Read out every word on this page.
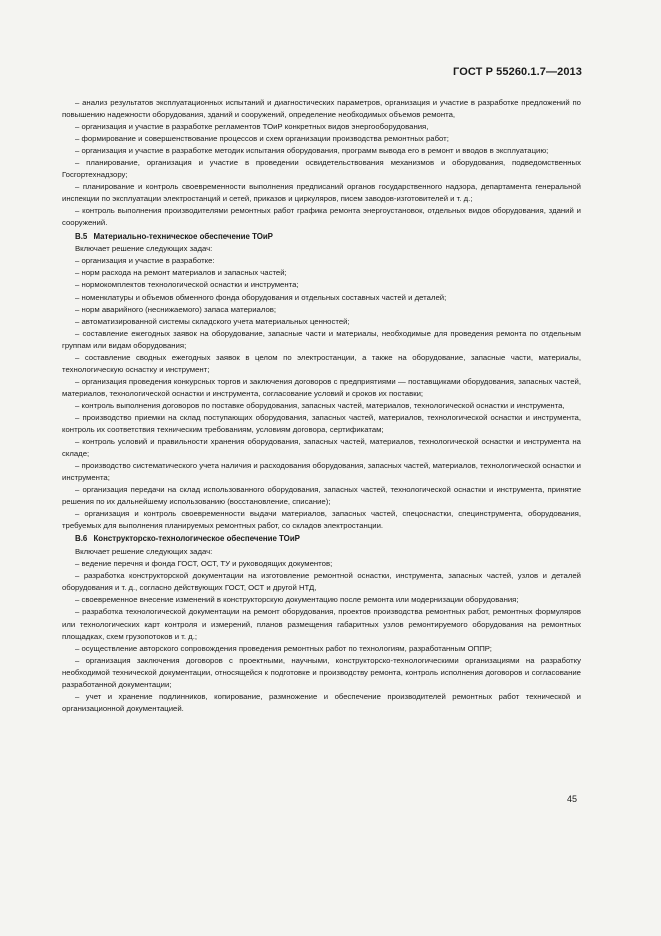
ГОСТ Р 55260.1.7—2013

– анализ результатов эксплуатационных испытаний и диагностических параметров, организация и участие в разработке предложений по повышению надежности оборудования, зданий и сооружений, определение необходимых объемов ремонта,

– организация и участие в разработке регламентов ТОиР конкретных видов энергооборудования,

– формирование и совершенствование процессов и схем организации производства ремонтных работ;

– организация и участие в разработке методик испытания оборудования, программ вывода его в ремонт и вводов в эксплуатацию;

– планирование, организация и участие в проведении освидетельствования механизмов и оборудования, подведомственных Госгортехнадзору;

– планирование и контроль своевременности выполнения предписаний органов государственного надзора, департамента генеральной инспекции по эксплуатации электростанций и сетей, приказов и циркуляров, писем заводов-изготовителей и т. д.;

– контроль выполнения производителями ремонтных работ графика ремонта энергоустановок, отдельных видов оборудования, зданий и сооружений.

В.5 Материально-техническое обеспечение ТОиР

Включает решение следующих задач:

– организация и участие в разработке:

– норм расхода на ремонт материалов и запасных частей;

– нормокомплектов технологической оснастки и инструмента;

– номенклатуры и объемов обменного фонда оборудования и отдельных составных частей и деталей;

– норм аварийного (неснижаемого) запаса материалов;

– автоматизированной системы складского учета материальных ценностей;

– составление ежегодных заявок на оборудование, запасные части и материалы, необходимые для проведения ремонта по отдельным группам или видам оборудования;

– составление сводных ежегодных заявок в целом по электростанции, а также на оборудование, запасные части, материалы, технологическую оснастку и инструмент;

– организация проведения конкурсных торгов и заключения договоров с предприятиями — поставщиками оборудования, запасных частей, материалов, технологической оснастки и инструмента, согласование условий и сроков их поставки;

– контроль выполнения договоров по поставке оборудования, запасных частей, материалов, технологической оснастки и инструмента,

– производство приемки на склад поступающих оборудования, запасных частей, материалов, технологической оснастки и инструмента, контроль их соответствия техническим требованиям, условиям договора, сертификатам;

– контроль условий и правильности хранения оборудования, запасных частей, материалов, технологической оснастки и инструмента на складе;

– производство систематического учета наличия и расходования оборудования, запасных частей, материалов, технологической оснастки и инструмента;

– организация передачи на склад использованного оборудования, запасных частей, технологической оснастки и инструмента, принятие решения по их дальнейшему использованию (восстановление, списание);

– организация и контроль своевременности выдачи материалов, запасных частей, спецоснастки, специнструмента, оборудования, требуемых для выполнения планируемых ремонтных работ, со складов электростанции.

В.6 Конструкторско-технологическое обеспечение ТОиР

Включает решение следующих задач:

– ведение перечня и фонда ГОСТ, ОСТ, ТУ и руководящих документов;

– разработка конструкторской документации на изготовление ремонтной оснастки, инструмента, запасных частей, узлов и деталей оборудования и т. д., согласно действующих ГОСТ, ОСТ и другой НТД,

– своевременное внесение изменений в конструкторскую документацию после ремонта или модернизации оборудования;

– разработка технологической документации на ремонт оборудования, проектов производства ремонтных работ, ремонтных формуляров или технологических карт контроля и измерений, планов размещения габаритных узлов ремонтируемого оборудования на ремонтных площадках, схем грузопотоков и т. д.;

– осуществление авторского сопровождения проведения ремонтных работ по технологиям, разработанным ОППР;

– организация заключения договоров с проектными, научными, конструкторско-технологическими организациями на разработку необходимой технической документации, относящейся к подготовке и производству ремонта, контроль исполнения договоров и согласование разработанной документации;

– учет и хранение подлинников, копирование, размножение и обеспечение производителей ремонтных работ технической и организационной документацией.

45
